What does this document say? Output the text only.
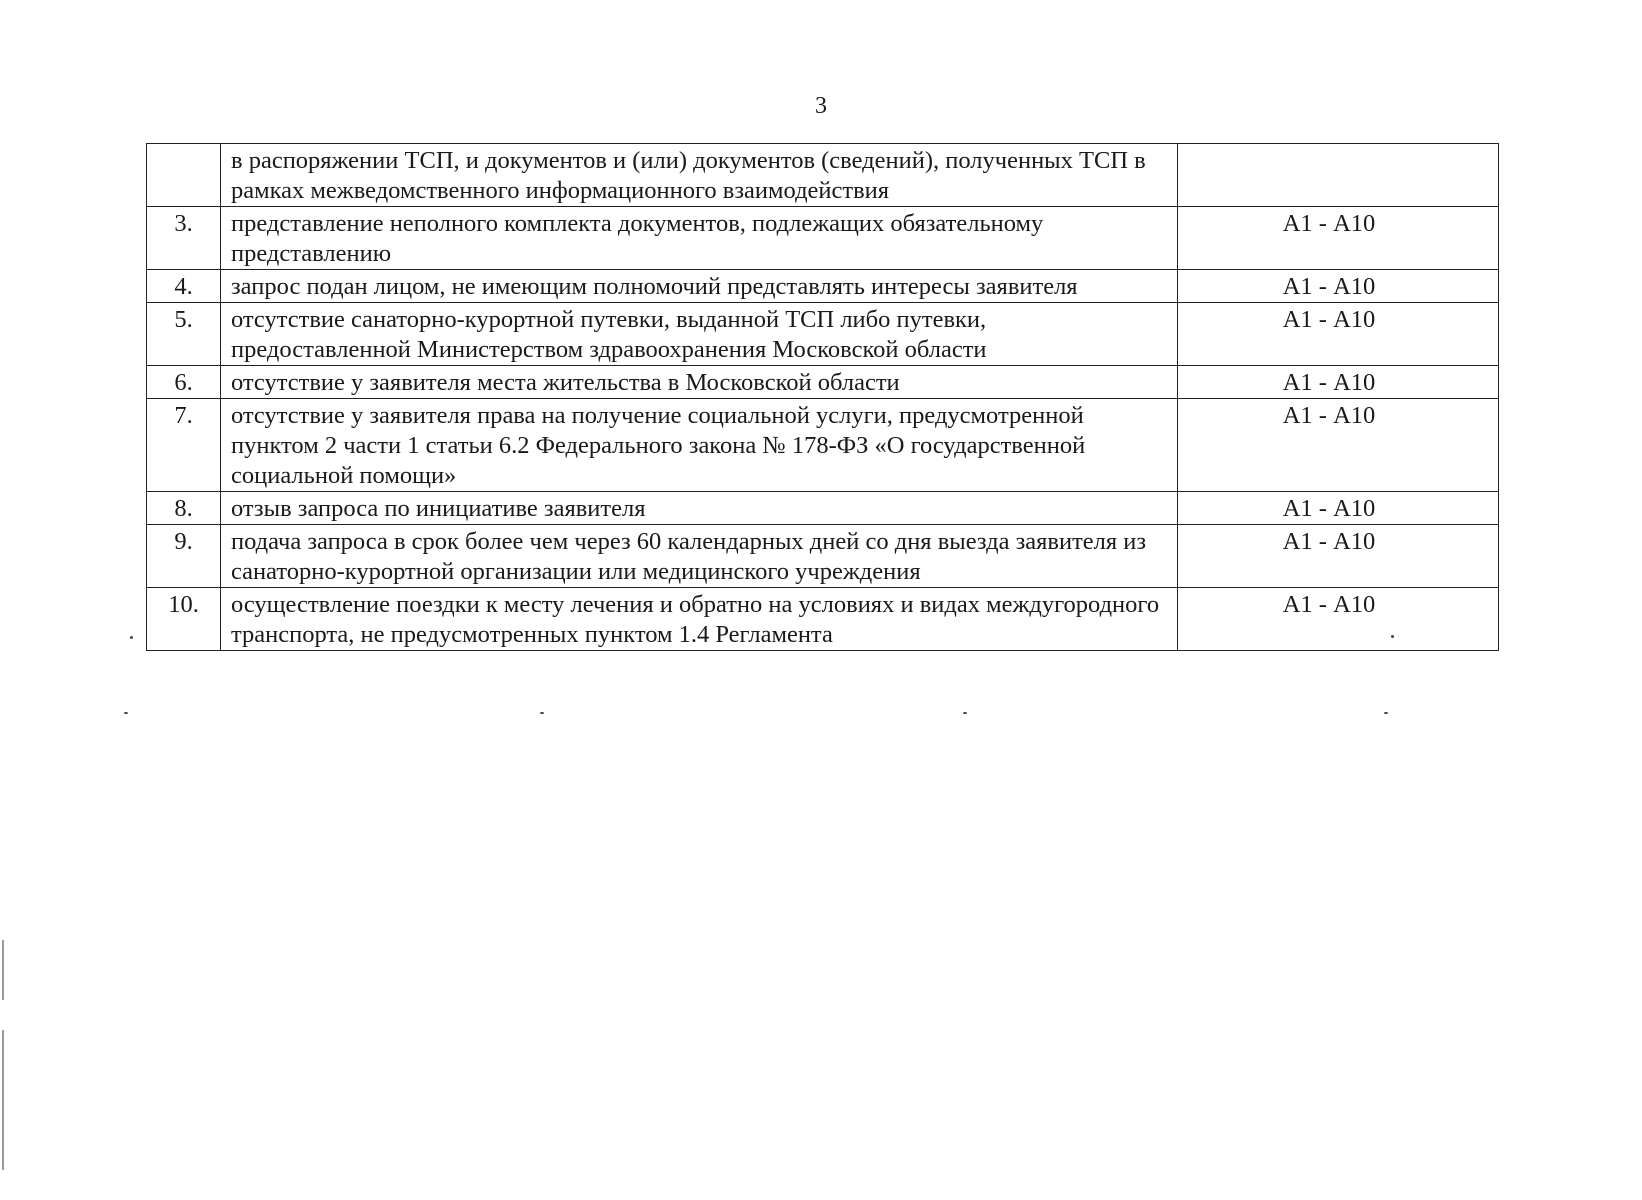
3
	в распоряжении ТСП, и документов и (или) документов (сведений), полученных ТСП в рамках межведомственного информационного взаимодействия	
3.	представление неполного комплекта документов, подлежащих обязательному представлению	А1 - А10
4.	запрос подан лицом, не имеющим полномочий представлять интересы заявителя	А1 - А10
5.	отсутствие санаторно-курортной путевки, выданной ТСП либо путевки, предоставленной Министерством здравоохранения Московской области	А1 - А10
6.	отсутствие у заявителя места жительства в Московской области	А1 - А10
7.	отсутствие у заявителя права на получение социальной услуги, предусмотренной пунктом 2 части 1 статьи 6.2 Федерального закона № 178-ФЗ «О государственной социальной помощи»	А1 - А10
8.	отзыв запроса по инициативе заявителя	А1 - А10
9.	подача запроса в срок более чем через 60 календарных дней со дня выезда заявителя из санаторно-курортной организации или медицинского учреждения	А1 - А10
10.	осуществление поездки к месту лечения и обратно на условиях и видах междугородного транспорта, не предусмотренных пунктом 1.4 Регламента	А1 - А10
